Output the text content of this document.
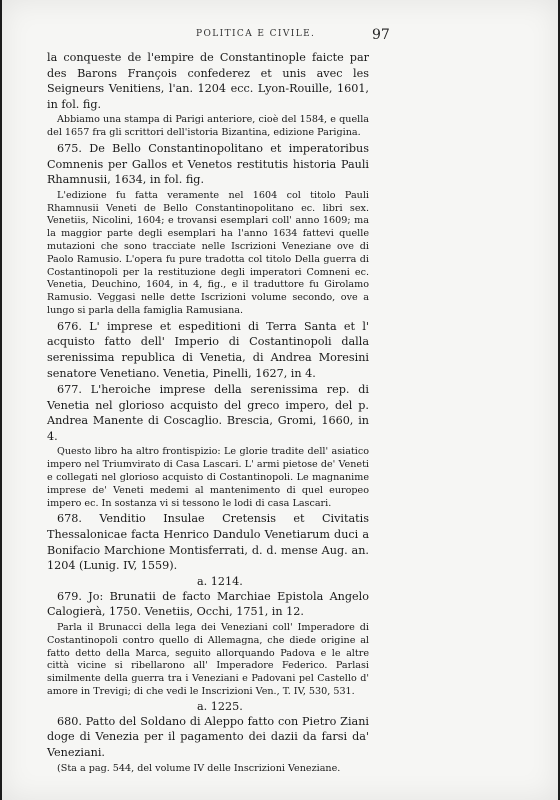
POLITICA E CIVILE.	97

la conqueste de l'empire de Constantinople faicte par des Barons François confederez et unis avec les Seigneurs Venitiens, l'an. 1204 ecc. Lyon-Rouille, 1601, in fol. fig.

Abbiamo una stampa di Parigi anteriore, cioè del 1584, e quella del 1657 fra gli scrittori dell'istoria Bizantina, edizione Parigina.

675. De Bello Constantinopolitano et imperatoribus Comnenis per Gallos et Venetos restitutis historia Pauli Rhamnusii, 1634, in fol. fig.

L'edizione fu fatta veramente nel 1604 col titolo Pauli Rhamnusii Veneti de Bello Constantinopolitano ec. libri sex. Venetiis, Nicolini, 1604; e trovansi esemplari coll' anno 1609; ma la maggior parte degli esemplari ha l'anno 1634 fattevi quelle mutazioni che sono tracciate nelle Iscrizioni Veneziane ove di Paolo Ramusio. L'opera fu pure tradotta col titolo Della guerra di Costantinopoli per la restituzione degli imperatori Comneni ec. Venetia, Deuchino, 1604, in 4, fig., e il traduttore fu Girolamo Ramusio. Veggasi nelle dette Iscrizioni volume secondo, ove a lungo si parla della famiglia Ramusiana.

676. L' imprese et espeditioni di Terra Santa et l' acquisto fatto dell' Imperio di Costantinopoli dalla serenissima republica di Venetia, di Andrea Moresini senatore Venetiano. Venetia, Pinelli, 1627, in 4.

677. L'heroiche imprese della serenissima rep. di Venetia nel glorioso acquisto del greco impero, del p. Andrea Manente di Coscaglio. Brescia, Gromi, 1660, in 4.

Questo libro ha altro frontispizio: Le glorie tradite dell' asiatico impero nel Triumvirato di Casa Lascari. L' armi pietose de' Veneti e collegati nel glorioso acquisto di Costantinopoli. Le magnanime imprese de' Veneti medemi al mantenimento di quel europeo impero ec. In sostanza vi si tessono le lodi di casa Lascari.

678. Venditio Insulae Cretensis et Civitatis Thessalonicae facta Henrico Dandulo Venetiarum duci a Bonifacio Marchione Montisferrati, d. d. mense Aug. an. 1204 (Lunig. IV, 1559).

a. 1214.

679. Jo: Brunatii de facto Marchiae Epistola Angelo Calogierà, 1750. Venetiis, Occhi, 1751, in 12.

Parla il Brunacci della lega dei Veneziani coll' Imperadore di Costantinopoli contro quello di Allemagna, che diede origine al fatto detto della Marca, seguito allorquando Padova e le altre città vicine si ribellarono all' Imperadore Federico. Parlasi similmente della guerra tra i Veneziani e Padovani pel Castello d' amore in Trevigi; di che vedi le Inscrizioni Ven., T. IV, 530, 531.

a. 1225.

680. Patto del Soldano di Aleppo fatto con Pietro Ziani doge di Venezia per il pagamento dei dazii da farsi da' Veneziani.

(Sta a pag. 544, del volume IV delle Inscrizioni Veneziane.
